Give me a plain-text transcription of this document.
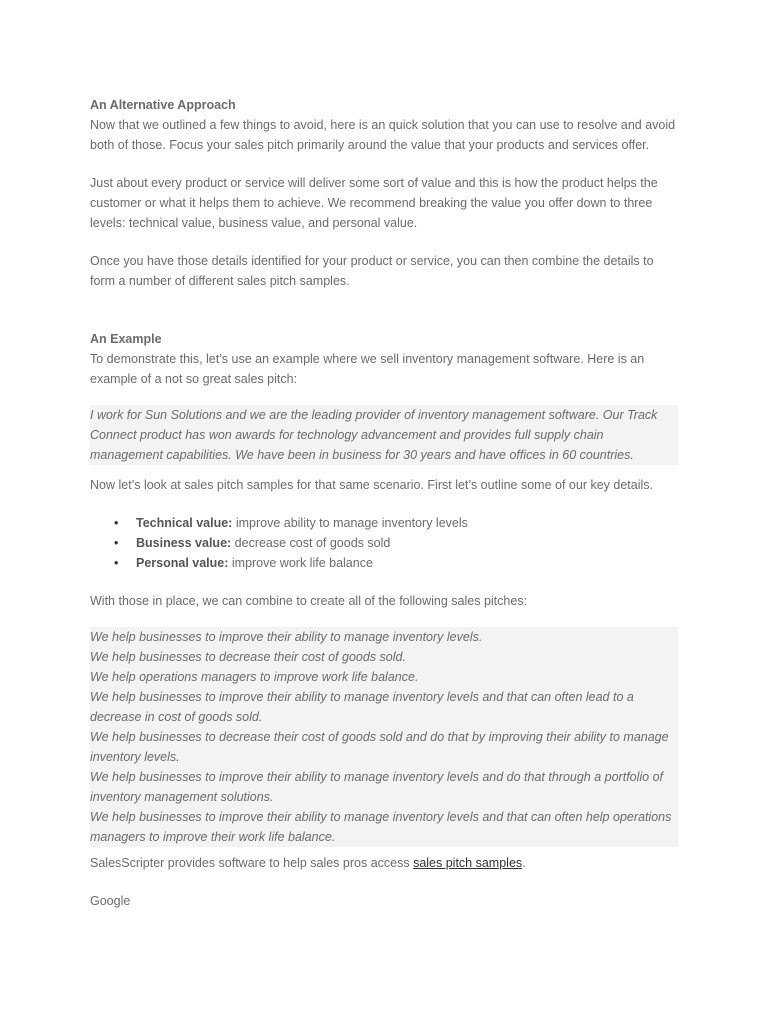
An Alternative Approach

Now that we outlined a few things to avoid, here is an quick solution that you can use to resolve and avoid both of those. Focus your sales pitch primarily around the value that your products and services offer.

Just about every product or service will deliver some sort of value and this is how the product helps the customer or what it helps them to achieve. We recommend breaking the value you offer down to three levels: technical value, business value, and personal value.

Once you have those details identified for your product or service, you can then combine the details to form a number of different sales pitch samples.

An Example

To demonstrate this, let’s use an example where we sell inventory management software. Here is an example of a not so great sales pitch:

I work for Sun Solutions and we are the leading provider of inventory management software. Our Track Connect product has won awards for technology advancement and provides full supply chain management capabilities. We have been in business for 30 years and have offices in 60 countries.

Now let’s look at sales pitch samples for that same scenario. First let’s outline some of our key details.

• Technical value: improve ability to manage inventory levels
• Business value: decrease cost of goods sold
• Personal value: improve work life balance

With those in place, we can combine to create all of the following sales pitches:

We help businesses to improve their ability to manage inventory levels.

We help businesses to decrease their cost of goods sold.

We help operations managers to improve work life balance.

We help businesses to improve their ability to manage inventory levels and that can often lead to a decrease in cost of goods sold.

We help businesses to decrease their cost of goods sold and do that by improving their ability to manage inventory levels.

We help businesses to improve their ability to manage inventory levels and do that through a portfolio of inventory management solutions.

We help businesses to improve their ability to manage inventory levels and that can often help operations managers to improve their work life balance.

SalesScripter provides software to help sales pros access sales pitch samples.

Google
